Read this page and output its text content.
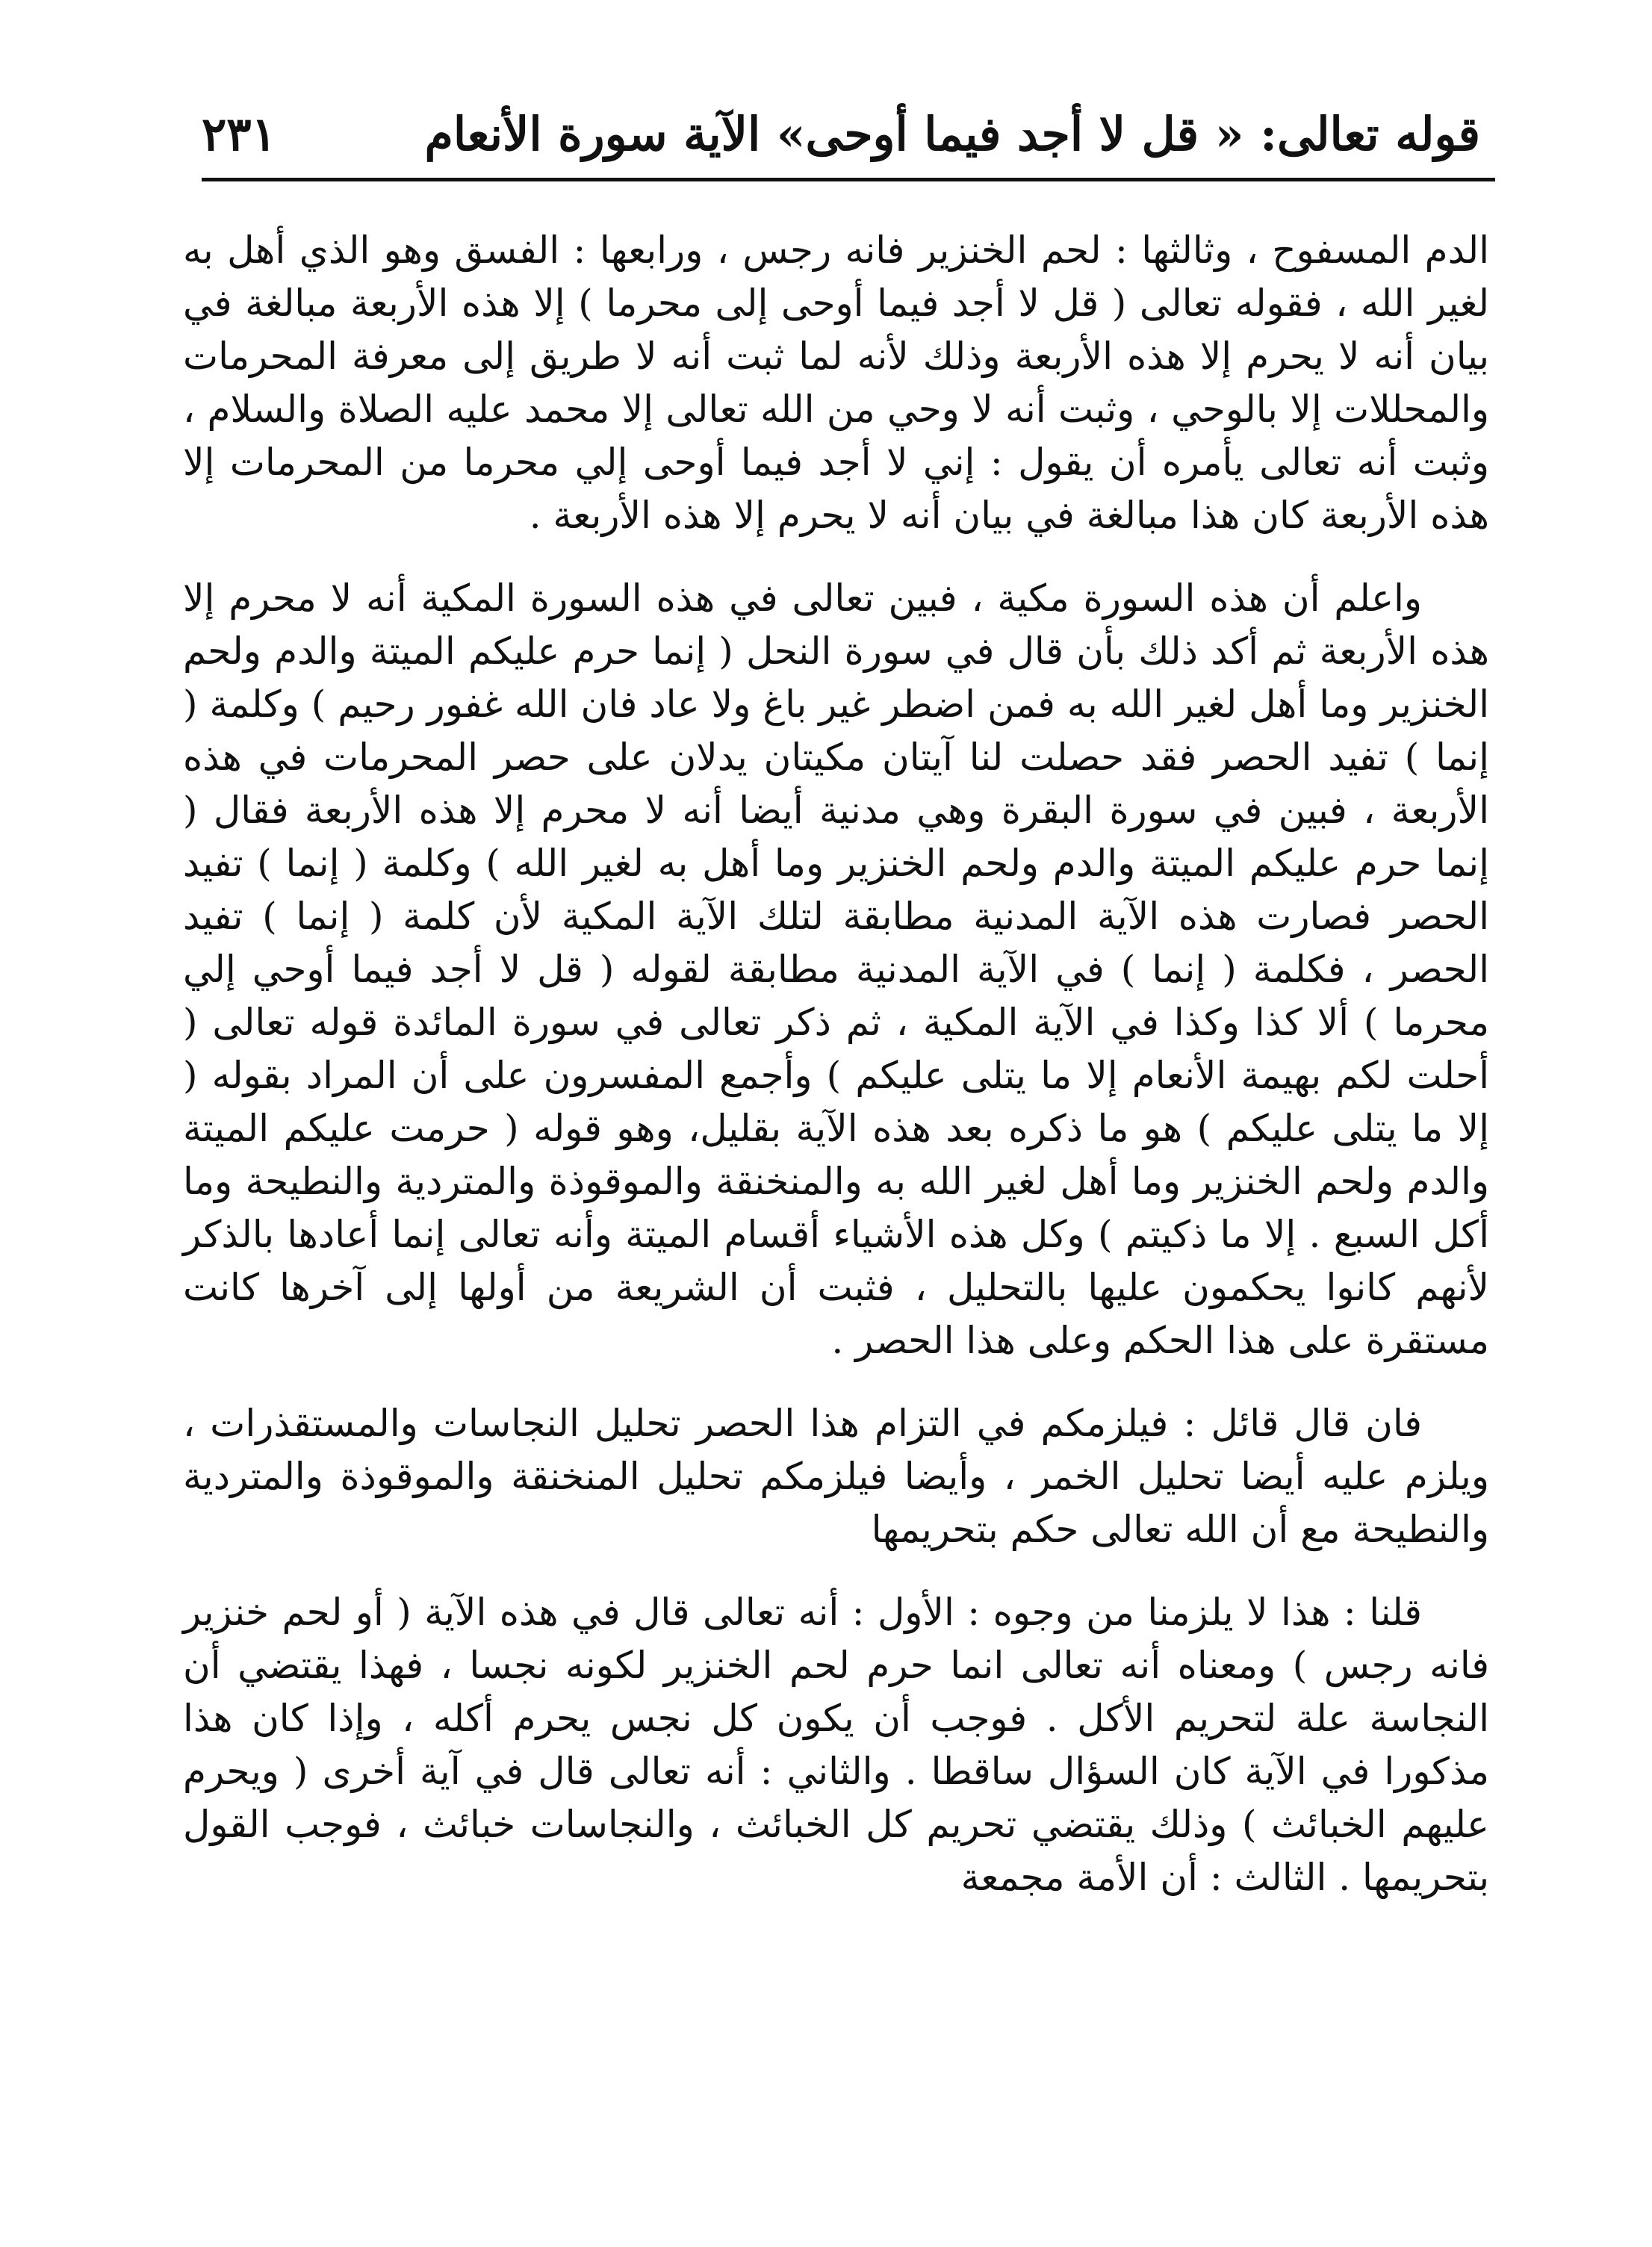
قوله تعالى: « قل لا أجد فيما أوحى» الآية سورة الأنعام
٢٣١

الدم المسفوح ، وثالثها : لحم الخنزير فانه رجس ، ورابعها : الفسق وهو الذي أهل به لغير الله ، فقوله تعالى ( قل لا أجد فيما أوحى إلى محرما ) إلا هذه الأربعة مبالغة في بيان أنه لا يحرم إلا هذه الأربعة وذلك لأنه لما ثبت أنه لا طريق إلى معرفة المحرمات والمحللات إلا بالوحي ، وثبت أنه لا وحي من الله تعالى إلا محمد عليه الصلاة والسلام ، وثبت أنه تعالى يأمره أن يقول : إني لا أجد فيما أوحى إلي محرما من المحرمات إلا هذه الأربعة كان هذا مبالغة في بيان أنه لا يحرم إلا هذه الأربعة .

واعلم أن هذه السورة مكية ، فبين تعالى في هذه السورة المكية أنه لا محرم إلا هذه الأربعة ثم أكد ذلك بأن قال في سورة النحل ( إنما حرم عليكم الميتة والدم ولحم الخنزير وما أهل لغير الله به فمن اضطر غير باغ ولا عاد فان الله غفور رحيم ) وكلمة ( إنما ) تفيد الحصر فقد حصلت لنا آيتان مكيتان يدلان على حصر المحرمات في هذه الأربعة ، فبين في سورة البقرة وهي مدنية أيضا أنه لا محرم إلا هذه الأربعة فقال ( إنما حرم عليكم الميتة والدم ولحم الخنزير وما أهل به لغير الله ) وكلمة ( إنما ) تفيد الحصر فصارت هذه الآية المدنية مطابقة لتلك الآية المكية لأن كلمة ( إنما ) تفيد الحصر ، فكلمة ( إنما ) في الآية المدنية مطابقة لقوله ( قل لا أجد فيما أوحي إلي محرما ) ألا كذا وكذا في الآية المكية ، ثم ذكر تعالى في سورة المائدة قوله تعالى ( أحلت لكم بهيمة الأنعام إلا ما يتلى عليكم ) وأجمع المفسرون على أن المراد بقوله ( إلا ما يتلى عليكم ) هو ما ذكره بعد هذه الآية بقليل، وهو قوله ( حرمت عليكم الميتة والدم ولحم الخنزير وما أهل لغير الله به والمنخنقة والموقوذة والمتردية والنطيحة وما أكل السبع . إلا ما ذكيتم ) وكل هذه الأشياء أقسام الميتة وأنه تعالى إنما أعادها بالذكر لأنهم كانوا يحكمون عليها بالتحليل ، فثبت أن الشريعة من أولها إلى آخرها كانت مستقرة على هذا الحكم وعلى هذا الحصر .

فان قال قائل : فيلزمكم في التزام هذا الحصر تحليل النجاسات والمستقذرات ، ويلزم عليه أيضا تحليل الخمر ، وأيضا فيلزمكم تحليل المنخنقة والموقوذة والمتردية والنطيحة مع أن الله تعالى حكم بتحريمها

قلنا : هذا لا يلزمنا من وجوه : الأول : أنه تعالى قال في هذه الآية ( أو لحم خنزير فانه رجس ) ومعناه أنه تعالى انما حرم لحم الخنزير لكونه نجسا ، فهذا يقتضي أن النجاسة علة لتحريم الأكل . فوجب أن يكون كل نجس يحرم أكله ، وإذا كان هذا مذكورا في الآية كان السؤال ساقطا . والثاني : أنه تعالى قال في آية أخرى ( ويحرم عليهم الخبائث ) وذلك يقتضي تحريم كل الخبائث ، والنجاسات خبائث ، فوجب القول بتحريمها . الثالث : أن الأمة مجمعة
